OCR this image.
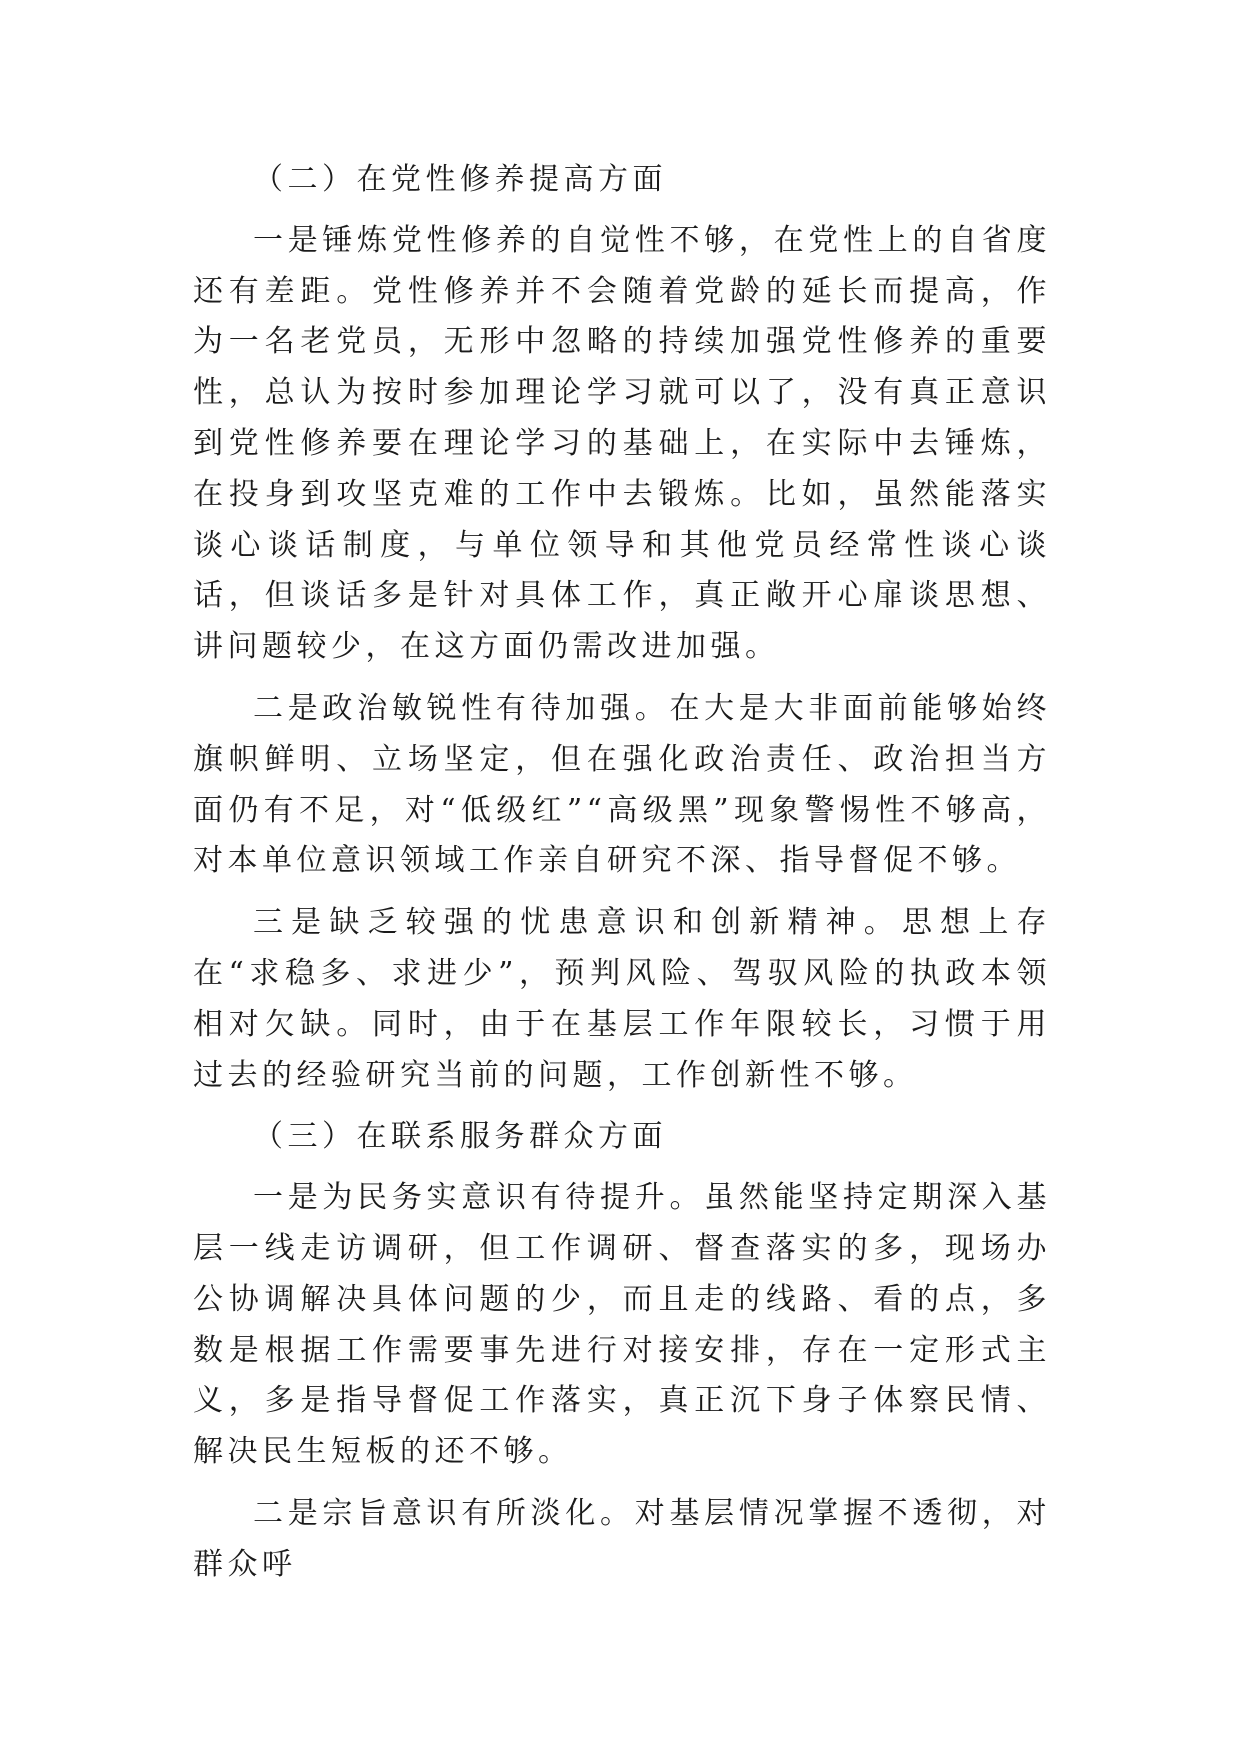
（二）在党性修养提高方面

一是锤炼党性修养的自觉性不够，在党性上的自省度还有差距。党性修养并不会随着党龄的延长而提高，作为一名老党员，无形中忽略的持续加强党性修养的重要性，总认为按时参加理论学习就可以了，没有真正意识到党性修养要在理论学习的基础上，在实际中去锤炼，在投身到攻坚克难的工作中去锻炼。比如，虽然能落实谈心谈话制度，与单位领导和其他党员经常性谈心谈话，但谈话多是针对具体工作，真正敞开心扉谈思想、讲问题较少，在这方面仍需改进加强。

二是政治敏锐性有待加强。在大是大非面前能够始终旗帜鲜明、立场坚定，但在强化政治责任、政治担当方面仍有不足，对“低级红”“高级黑”现象警惕性不够高，对本单位意识领域工作亲自研究不深、指导督促不够。

三是缺乏较强的忧患意识和创新精神。思想上存在“求稳多、求进少”，预判风险、驾驭风险的执政本领相对欠缺。同时，由于在基层工作年限较长，习惯于用过去的经验研究当前的问题，工作创新性不够。

（三）在联系服务群众方面

一是为民务实意识有待提升。虽然能坚持定期深入基层一线走访调研，但工作调研、督查落实的多，现场办公协调解决具体问题的少，而且走的线路、看的点，多数是根据工作需要事先进行对接安排，存在一定形式主义，多是指导督促工作落实，真正沉下身子体察民情、解决民生短板的还不够。

二是宗旨意识有所淡化。对基层情况掌握不透彻，对群众呼
